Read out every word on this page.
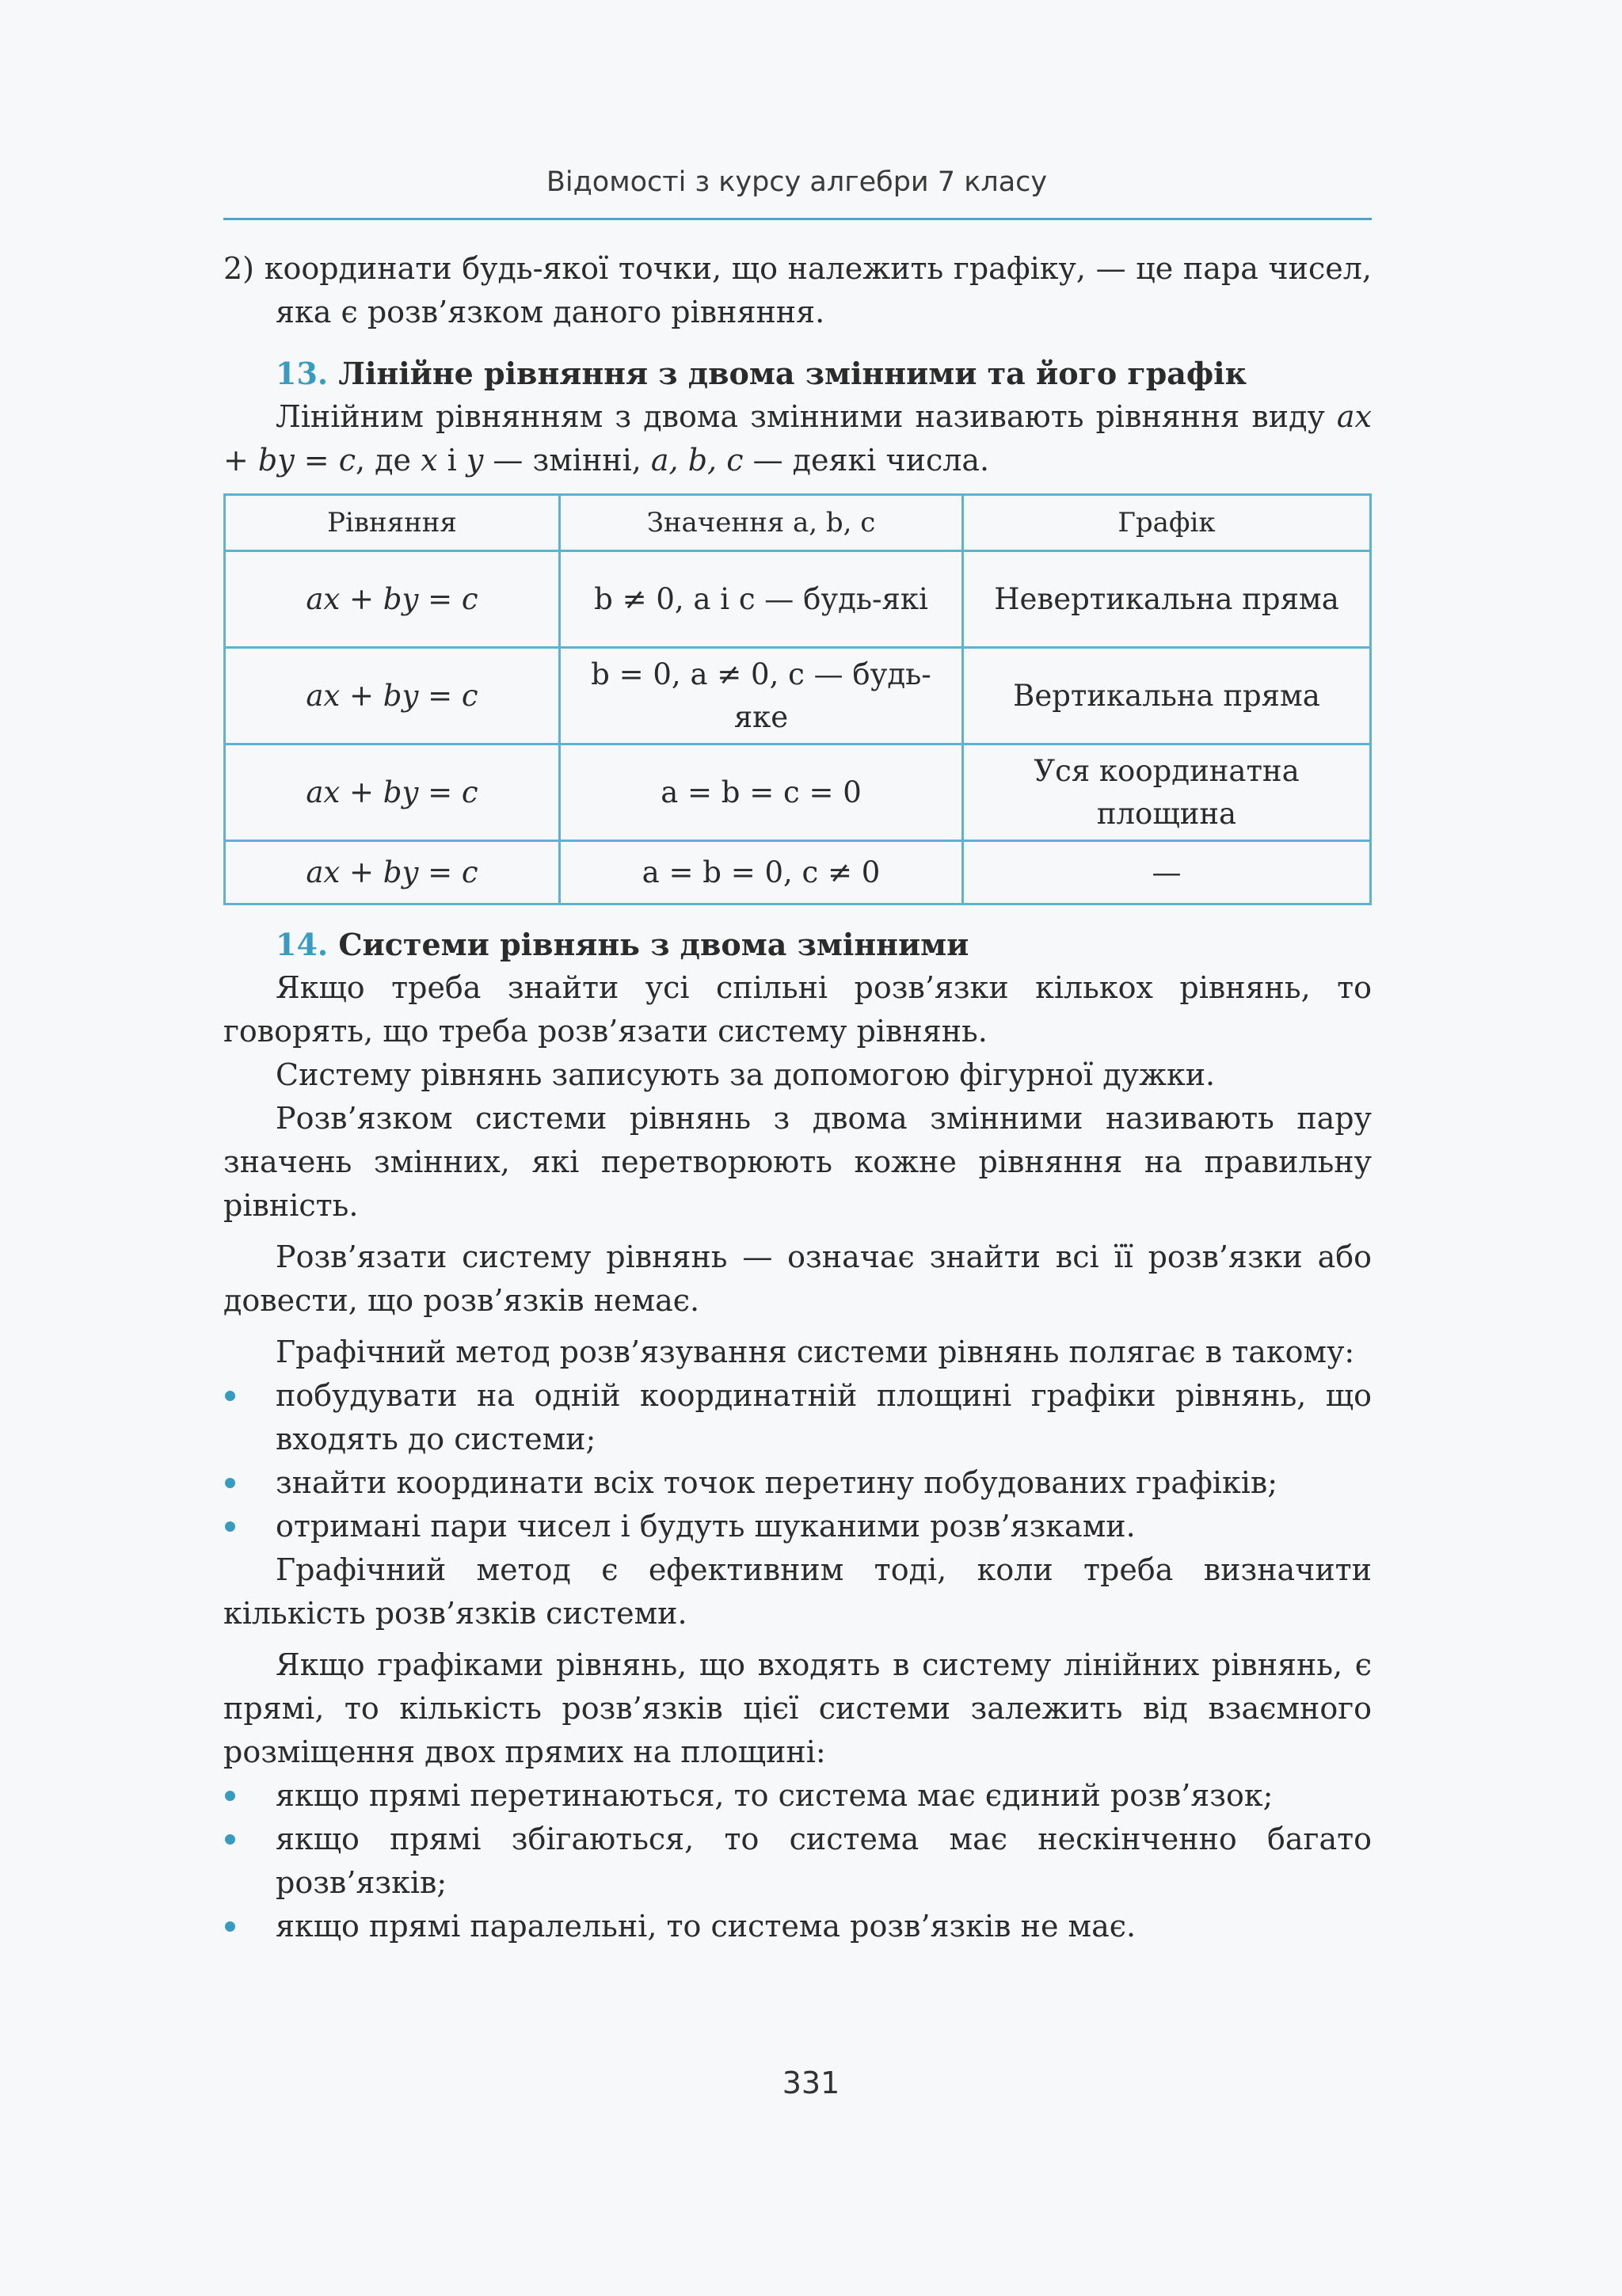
Відомості з курсу алгебри 7 класу

2) координати будь-якої точки, що належить графіку, — це пара чисел, яка є розв’язком даного рівняння.

13. Лінійне рівняння з двома змінними та його графік

Лінійним рівнянням з двома змінними називають рівняння виду ax + by = c, де x і y — змінні, a, b, c — деякі числа.

Рівняння	Значення a, b, c	Графік
ax + by = c	b ≠ 0, a і c — будь-які	Невертикальна пряма
ax + by = c	b = 0, a ≠ 0, c — будь-яке	Вертикальна пряма
ax + by = c	a = b = c = 0	Уся координатна площина
ax + by = c	a = b = 0, c ≠ 0	—
14. Системи рівнянь з двома змінними

Якщо треба знайти усі спільні розв’язки кількох рівнянь, то говорять, що треба розв’язати систему рівнянь.

Систему рівнянь записують за допомогою фігурної дужки.

Розв’язком системи рівнянь з двома змінними називають пару значень змінних, які перетворюють кожне рівняння на правильну рівність.

Розв’язати систему рівнянь — означає знайти всі її розв’язки або довести, що розв’язків немає.

Графічний метод розв’язування системи рівнянь полягає в такому:

побудувати на одній координатній площині графіки рівнянь, що входять до системи;
знайти координати всіх точок перетину побудованих графіків;
отримані пари чисел і будуть шуканими розв’язками.

Графічний метод є ефективним тоді, коли треба визначити кількість розв’язків системи.

Якщо графіками рівнянь, що входять в систему лінійних рівнянь, є прямі, то кількість розв’язків цієї системи залежить від взаємного розміщення двох прямих на площині:

якщо прямі перетинаються, то система має єдиний розв’язок;
якщо прямі збігаються, то система має нескінченно багато розв’язків;
якщо прямі паралельні, то система розв’язків не має.
331
